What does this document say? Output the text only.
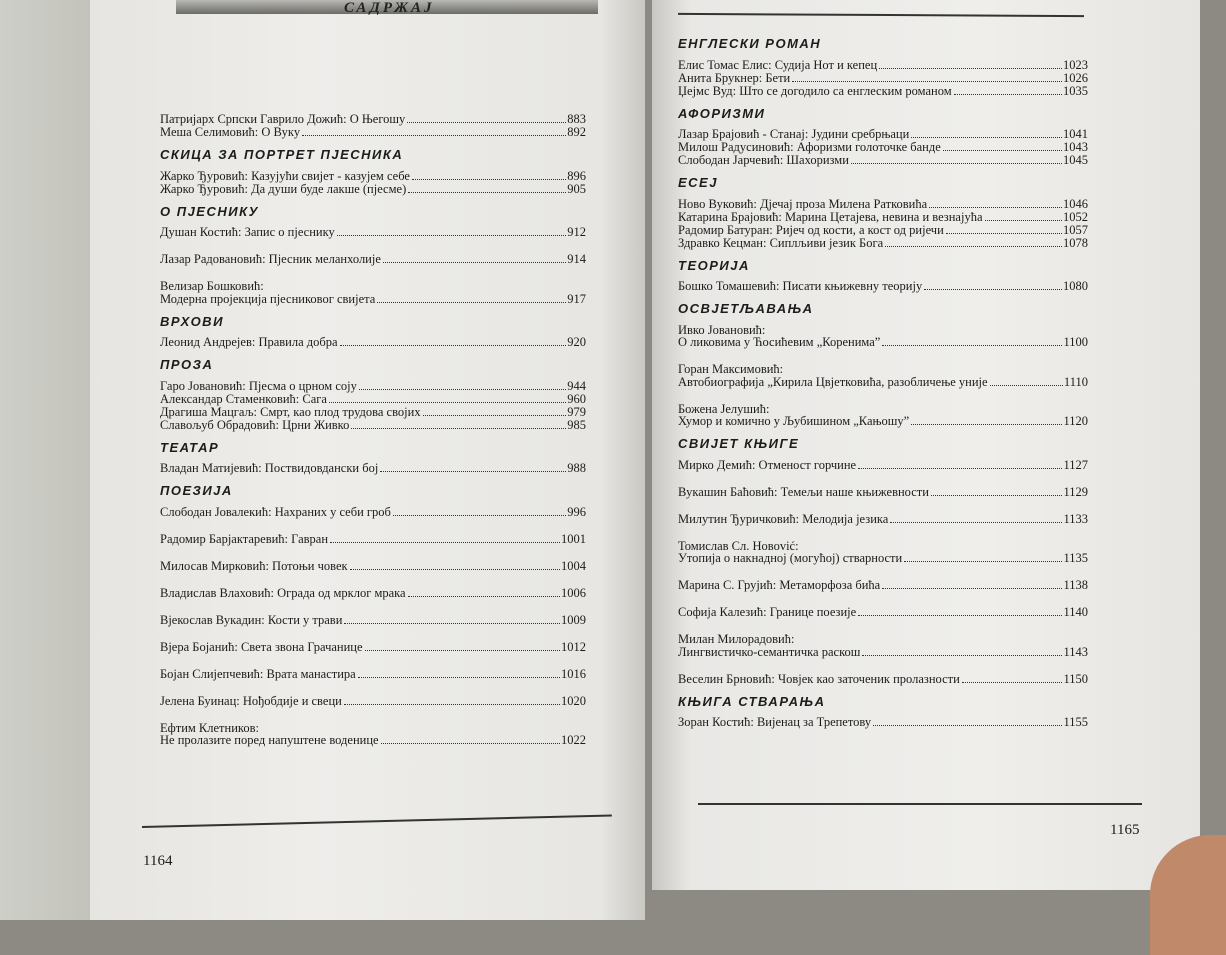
САДРЖАЈ
Патријарх Српски Гаврило Дожић: О Његошу	883
Меша Селимовић: О Вуку	892
СКИЦА ЗА ПОРТРЕТ ПЈЕСНИКА
Жарко Ђуровић: Казујући свијет - казујем себе	896
Жарко Ђуровић: Да души буде лакше (пјесме)	905
О ПЈЕСНИКУ
Душан Костић: Запис о пјеснику	912
Лазар Радовановић: Пјесник меланхолије	914
Велизар Бошковић:
Модерна пројекција пјесниковог свијета	917
ВРХОВИ
Леонид Андрејев: Правила добра	920
ПРОЗА
Гаро Јовановић: Пјесма о црном соју	944
Александар Стаменковић: Сага	960
Драгиша Мацгаљ: Смрт, као плод трудова својих	979
Славољуб Обрадовић: Црни Живко	985
ТЕАТАР
Владан Матијевић: Поствидовдански бој	988
ПОЕЗИЈА
Слободан Јовалекић: Нахраних у себи гроб	996
Радомир Барјактаревић: Гавран	1001
Милосав Мирковић: Потоњи човек	1004
Владислав Влаховић: Ограда од мрклог мрака	1006
Вјекослав Вукадин: Кости у трави	1009
Вјера Бојанић: Света звона Грачанице	1012
Бојан Слијепчевић: Врата манастира	1016
Јелена Буинац: Нођобдије и свеци	1020
Ефтим Клетников:
Не пролазите поред напуштене воденице	1022
1164
ЕНГЛЕСКИ РОМАН
Елис Томас Елис: Судија Нот и кепец	1023
Анита Брукнер: Бети	1026
Џејмс Вуд: Што се догодило са енглеским романом	1035
АФОРИЗМИ
Лазар Брајовић - Станај: Јудини сребрњаци	1041
Милош Радусиновић: Афоризми голоточке банде	1043
Слободан Јарчевић: Шахоризми	1045
ЕСЕЈ
Ново Вуковић: Дјечај проза Милена Ратковића	1046
Катарина Брајовић: Марина Цетајева, невина и везнајућа	1052
Радомир Батуран: Ријеч од кости, а кост од ријечи	1057
Здравко Кецман: Сиплљиви језик Бога	1078
ТЕОРИЈА
Бошко Томашевић: Писати књижевну теорију	1080
ОСВЈЕТЉАВАЊА
Ивко Јовановић:
О ликовима у Ћосићевим „Коренима”	1100
Горан Максимовић:
Автобиографија „Кирила Цвјетковића, разобличење уније	1110
Божена Јелушић:
Хумор и комично у Љубишином „Кањошу”	1120
СВИЈЕТ КЊИГЕ
Мирко Демић: Отменост горчине	1127
Вукашин Баћовић: Темељи наше књижевности	1129
Милутин Ђуричковић: Мелодија језика	1133
Томислав Сл. Новоvić:
Утопија о накнадној (могућој) стварности	1135
Марина С. Грујић: Метаморфоза бића	1138
Софија Калезић: Границе поезије	1140
Милан Милорадовић:
Лингвистичко-семантичка раскош	1143
Веселин Брновић: Човјек као заточеник пролазности	1150
КЊИГА СТВАРАЊА
Зоран Костић: Вијенац за Трепетову	1155
1165
